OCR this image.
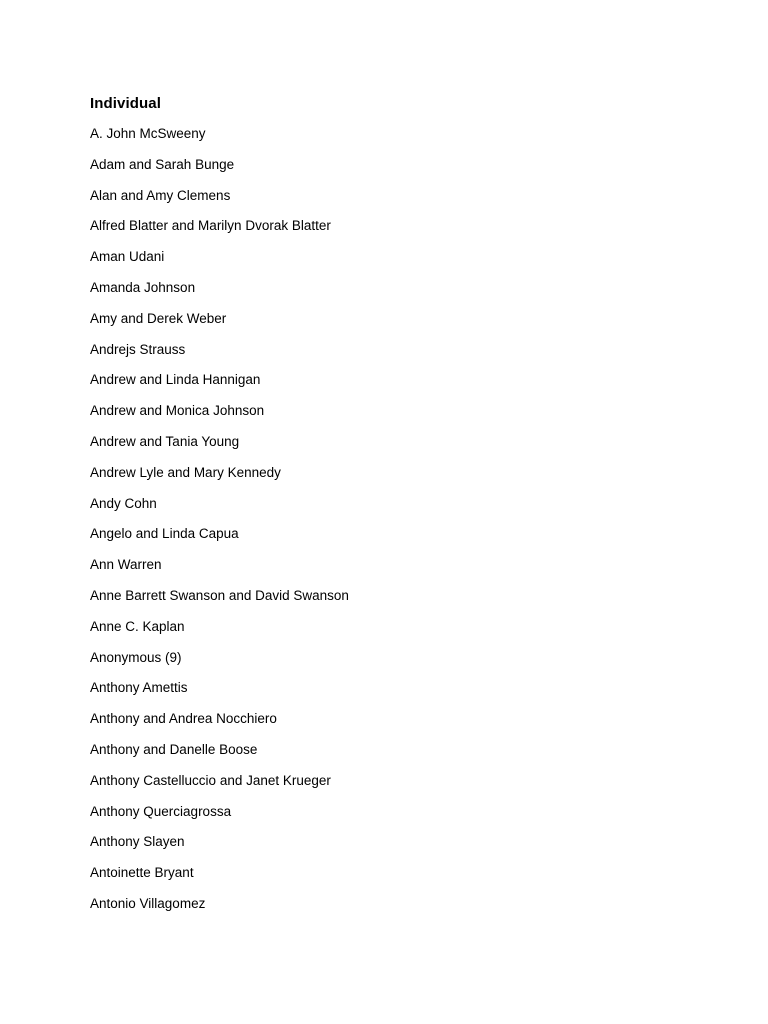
Individual
A. John McSweeny
Adam and Sarah Bunge
Alan and Amy Clemens
Alfred Blatter and Marilyn Dvorak Blatter
Aman Udani
Amanda Johnson
Amy and Derek Weber
Andrejs Strauss
Andrew and Linda Hannigan
Andrew and Monica Johnson
Andrew and Tania Young
Andrew Lyle and Mary Kennedy
Andy Cohn
Angelo and Linda Capua
Ann Warren
Anne Barrett Swanson and David Swanson
Anne C. Kaplan
Anonymous (9)
Anthony Amettis
Anthony and Andrea Nocchiero
Anthony and Danelle Boose
Anthony Castelluccio and Janet Krueger
Anthony Querciagrossa
Anthony Slayen
Antoinette Bryant
Antonio Villagomez
